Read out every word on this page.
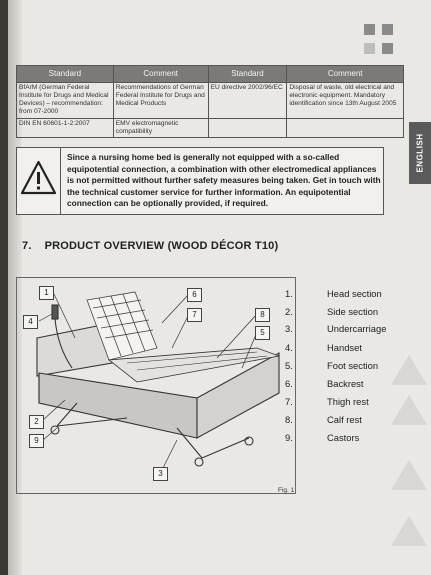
Standard	Comment	Standard	Comment
BfArM (German Federal Institute for Drugs and Medical Devices) – recommendation: from 07-2000	Recommendations of German Federal Institute for Drugs and Medical Products	EU directive 2002/96/EC	Disposal of waste, old electrical and electronic equipment. Mandatory identification since 13th August 2005
DIN EN 60601-1-2:2007	EMV electromagnetic compatibility		
ENGLISH
Since a nursing home bed is generally not equipped with a so-called equipotential connection, a combination with other electromedical appliances is not permitted without further safety measures being taken. Get in touch with the technical customer service for further information. An equipotential connection can be optionally provided, if required.
7. PRODUCT OVERVIEW (WOOD DÉCOR T10)
1
4
6
7	8
5
2
9
3
Fig. 1
1.	Head section
2.	Side section
3.	Undercarriage
4.	Handset
5.	Foot section
6.	Backrest
7.	Thigh rest
8.	Calf rest
9.	Castors
